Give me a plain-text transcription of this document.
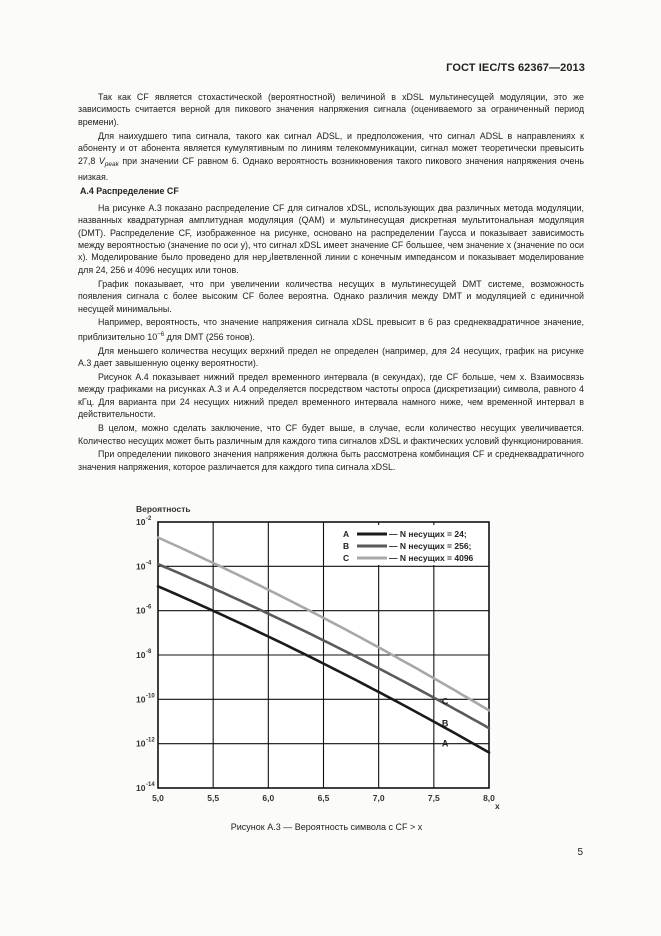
ГОСТ IEC/TS 62367—2013

Так как CF является стохастической (вероятностной) величиной в xDSL мультинесущей модуляции, это же зависимость считается верной для пикового значения напряжения сигнала (оцениваемого за ограниченный период времени).

Для наихудшего типа сигнала, такого как сигнал ADSL, и предположения, что сигнал ADSL в направлениях к абоненту и от абонента является кумулятивным по линиям телекоммуникации, сигнал может теоретически превысить 27,8 $V_{peak}$ при значении CF равном 6. Однако вероятность возникновения такого пикового значения напряжения очень низкая.

А.4 Распределение CF

На рисунке А.3 показано распределение CF для сигналов xDSL, использующих два различных метода модуляции, названных квадратурная амплитудная модуляция (QAM) и мультинесущая дискретная мультитональная модуляция (DMT). Распределение CF, изображенное на рисунке, основано на распределении Гаусса и показывает зависимость между вероятностью (значение по оси y), что сигнал xDSL имеет значение CF большее, чем значение x (значение по оси x). Моделирование было проведено для нерازветвленной линии с конечным импедансом и показывает моделирование для 24, 256 и 4096 несущих или тонов.

График показывает, что при увеличении количества несущих в мультинесущей DMT системе, возможность появления сигнала с более высоким CF более вероятна. Однако различия между DMT и модуляцией с единичной несущей минимальны.

Например, вероятность, что значение напряжения сигнала xDSL превысит в 6 раз среднеквадратичное значение, приблизительно $10^{-6}$ для DMT (256 тонов).

Для меньшего количества несущих верхний предел не определен (например, для 24 несущих, график на рисунке А.3 дает завышенную оценку вероятности).

Рисунок А.4 показывает нижний предел временного интервала (в секундах), где CF больше, чем x. Взаимосвязь между графиками на рисунках А.3 и А.4 определяется посредством частоты опроса (дискретизации) символа, равного 4 кГц. Для варианта при 24 несущих нижний предел временного интервала намного ниже, чем временной интервал в действительности.

В целом, можно сделать заключение, что CF будет выше, в случае, если количество несущих увеличивается. Количество несущих может быть различным для каждого типа сигналов xDSL и фактических условий функционирования.

При определении пикового значения напряжения должна быть рассмотрена комбинация CF и среднеквадратичного значения напряжения, которое различается для каждого типа сигнала xDSL.

5,0	5,5	6,0	6,5	7,0	7,5	8,0
x
10 -2
10 -4
10 -6
10 -8
10 -10
10 -12
10 -14
Вероятность
A
B
C
A	— N несущих = 24;
B	— N несущих = 256;
C	— N несущих = 4096
Рисунок А.3 — Вероятность символа с CF > x
5
